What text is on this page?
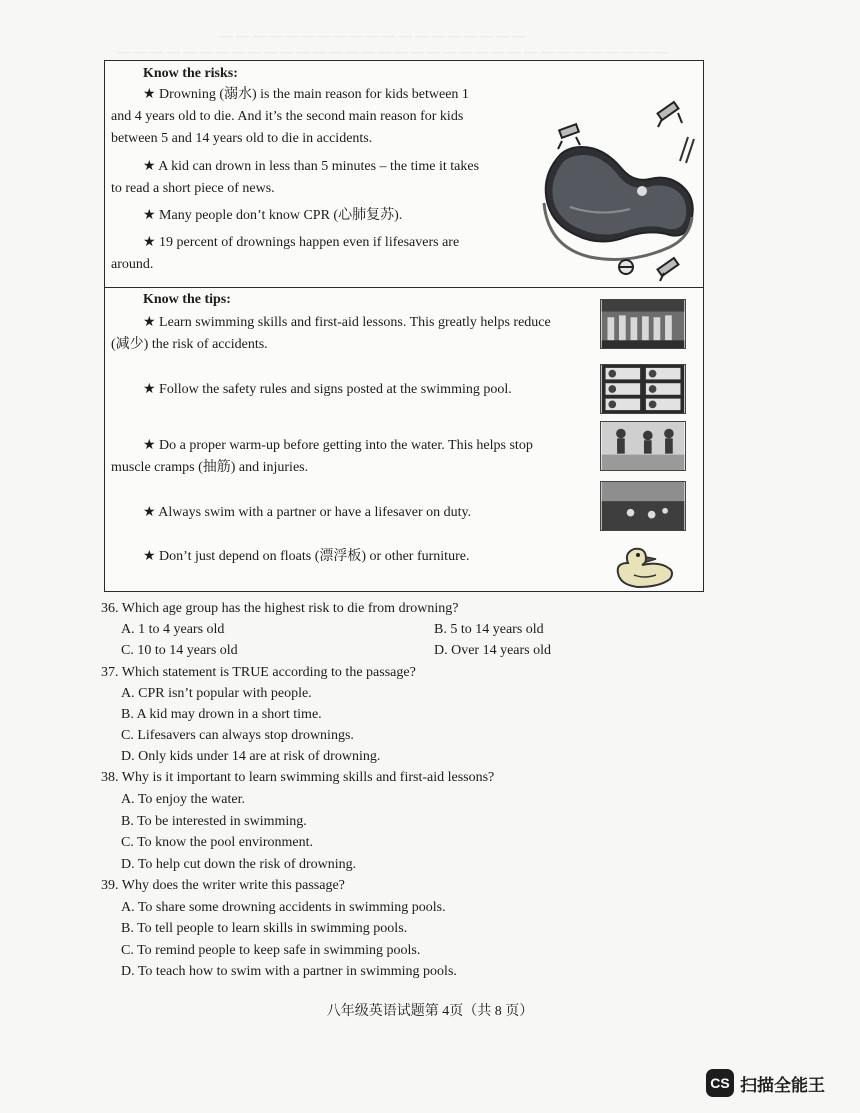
— — — — — — — — — — — — — — — — — — —
— — — — — — — — — — — — — — — — — — — — — — — — — — — — — — — — — —
Know the risks:
★ Drowning (溺水) is the main reason for kids between 1
and 4 years old to die. And it’s the second main reason for kids
between 5 and 14 years old to die in accidents.
★ A kid can drown in less than 5 minutes – the time it takes
to read a short piece of news.
★ Many people don’t know CPR (心肺复苏).
★ 19 percent of drownings happen even if lifesavers are
around.
Know the tips:
★ Learn swimming skills and first-aid lessons. This greatly helps reduce
(减少) the risk of accidents.
★ Follow the safety rules and signs posted at the swimming pool.
★ Do a proper warm-up before getting into the water. This helps stop
muscle cramps (抽筋) and injuries.
★ Always swim with a partner or have a lifesaver on duty.
★ Don’t just depend on floats (漂浮板) or other furniture.
36. Which age group has the highest risk to die from drowning?
A. 1 to 4 years old	B. 5 to 14 years old
C. 10 to 14 years old	D. Over 14 years old
37. Which statement is TRUE according to the passage?
A. CPR isn’t popular with people.
B. A kid may drown in a short time.
C. Lifesavers can always stop drownings.
D. Only kids under 14 are at risk of drowning.
38. Why is it important to learn swimming skills and first-aid lessons?
A. To enjoy the water.
B. To be interested in swimming.
C. To know the pool environment.
D. To help cut down the risk of drowning.
39. Why does the writer write this passage?
A. To share some drowning accidents in swimming pools.
B. To tell people to learn skills in swimming pools.
C. To remind people to keep safe in swimming pools.
D. To teach how to swim with a partner in swimming pools.
八年级英语试题第 4页（共 8 页）
CS 扫描全能王
